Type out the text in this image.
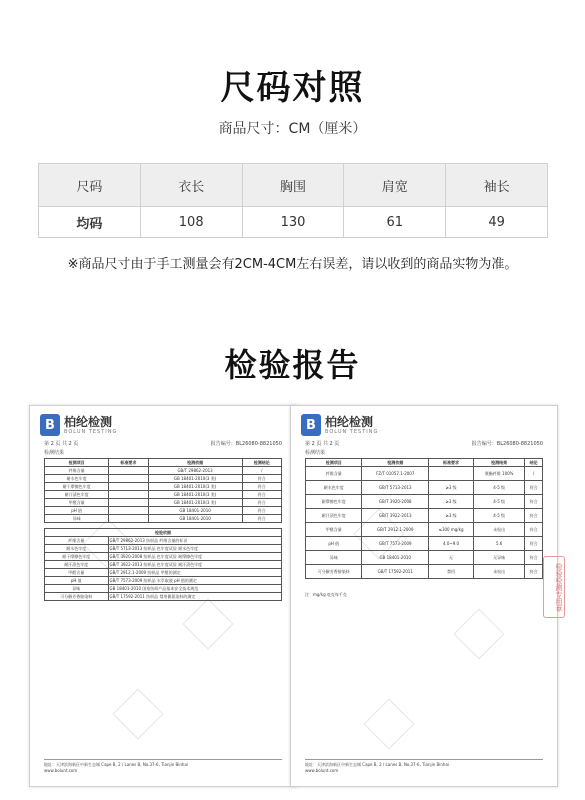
尺码对照
商品尺寸：CM（厘米）
尺码	衣长	胸围	肩宽	袖长
均码	108	130	61	49
※商品尺寸由于手工测量会有2CM-4CM左右误差，请以收到的商品实物为准。
检验报告
B 柏纶检测
BOLUN TESTING
第 2 页 共 2 页	报告编号：BL26080-8821050
检测结果
检测项目	标准要求	检测依据	检测结论
纤维含量		GB/T 29862-2013	/
耐水色牢度		GB 18401-2010(3 类)	符合
耐干摩擦色牢度		GB 18401-2010(3 类)	符合
耐汗渍色牢度		GB 18401-2010(3 类)	符合
甲醛含量		GB 18401-2010(3 类)	符合
pH 值		GB 18401-2010	符合
异味		GB 18401-2010	符合
检验依据	
纤维含量	GB/T 29862-2013 纺织品 纤维含量的标识
耐水色牢度	GB/T 5713-2013 纺织品 色牢度试验 耐水色牢度
耐干摩擦色牢度	GB/T 3920-2008 纺织品 色牢度试验 耐摩擦色牢度
耐汗渍色牢度	GB/T 3922-2013 纺织品 色牢度试验 耐汗渍色牢度
甲醛含量	GB/T 2912.1-2009 纺织品 甲醛的测定
pH 值	GB/T 7573-2009 纺织品 水萃取液 pH 值的测定
异味	GB 18401-2010 国家纺织产品基本安全技术规范
可分解芳香胺染料	GB/T 17592-2011 纺织品 禁用偶氮染料的测定
地址：天津滨海新区中新生态城 Cape B, 2 / Lanes B, No.37-6, Tianjin Binhai
www.bolunt.com
B 柏纶检测
BOLUN TESTING
第 2 页 共 2 页	报告编号：BL26080-8821050
检测结果
检测项目	检测依据	标准要求	检测结果	结论
纤维含量	FZ/T 01057.1-2007		聚酯纤维 100%	/
耐水色牢度	GB/T 5713-2013	≥3 级	4-5 级	符合
耐摩擦色牢度	GB/T 3920-2008	≥3 级	4-5 级	符合
耐汗渍色牢度	GB/T 3922-2013	≥3 级	4-5 级	符合
甲醛含量	GB/T 2912.1-2009	≤300 mg/kg	未检出	符合
pH 值	GB/T 7573-2009	4.0~9.0	5.6	符合
异味	GB 18401-2010	无	无异味	符合
可分解芳香胺染料	GB/T 17592-2011	禁用	未检出	符合
注：mg/kg 毫克每千克	检验检测专用章
地址：天津滨海新区中新生态城 Cape B, 2 / Lanes B, No.37-6, Tianjin Binhai
www.bolunt.com
